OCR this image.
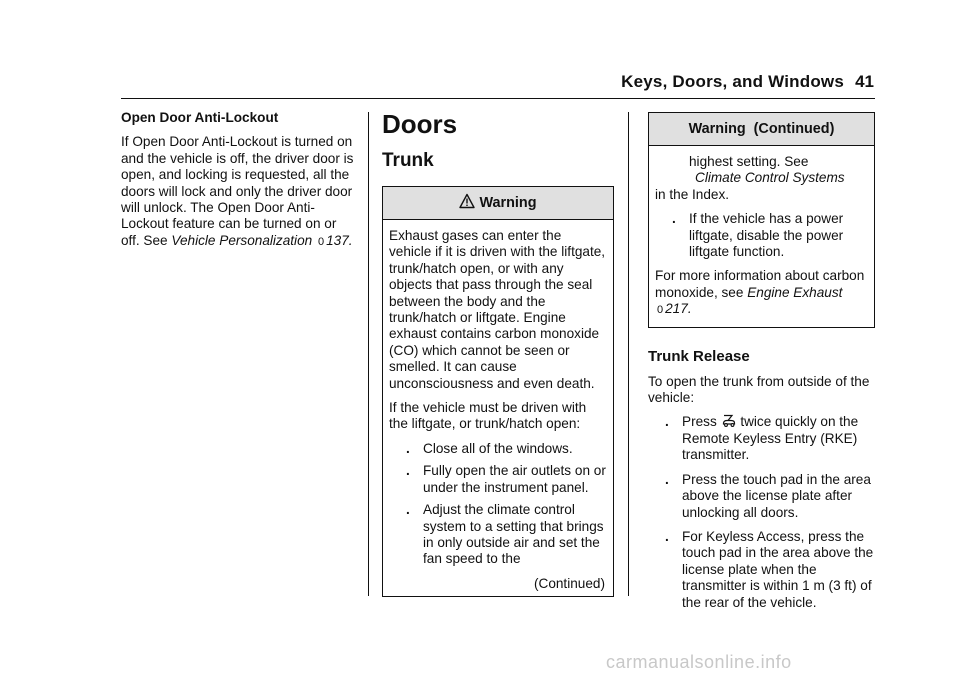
Keys, Doors, and Windows 41

Open Door Anti-Lockout

If Open Door Anti-Lockout is turned on and the vehicle is off, the driver door is open, and locking is requested, all the doors will lock and only the driver door will unlock. The Open Door Anti-Lockout feature can be turned on or off. See Vehicle Personalization 0 137.

Doors

Trunk

Warning

Exhaust gases can enter the vehicle if it is driven with the liftgate, trunk/hatch open, or with any objects that pass through the seal between the body and the trunk/hatch or liftgate. Engine exhaust contains carbon monoxide (CO) which cannot be seen or smelled. It can cause unconsciousness and even death.

If the vehicle must be driven with the liftgate, or trunk/hatch open:

. Close all of the windows.
. Fully open the air outlets on or under the instrument panel.
. Adjust the climate control system to a setting that brings in only outside air and set the fan speed to the
(Continued)
Warning  (Continued)
highest setting. See
Climate Control Systems
in the Index.
. If the vehicle has a power liftgate, disable the power liftgate function.

For more information about carbon monoxide, see Engine Exhaust 0 217.

Trunk Release

To open the trunk from outside of the vehicle:

. Press twice quickly on the Remote Keyless Entry (RKE) transmitter.
. Press the touch pad in the area above the license plate after unlocking all doors.
. For Keyless Access, press the touch pad in the area above the license plate when the transmitter is within 1 m (3 ft) of the rear of the vehicle.
carmanualsonline.info
